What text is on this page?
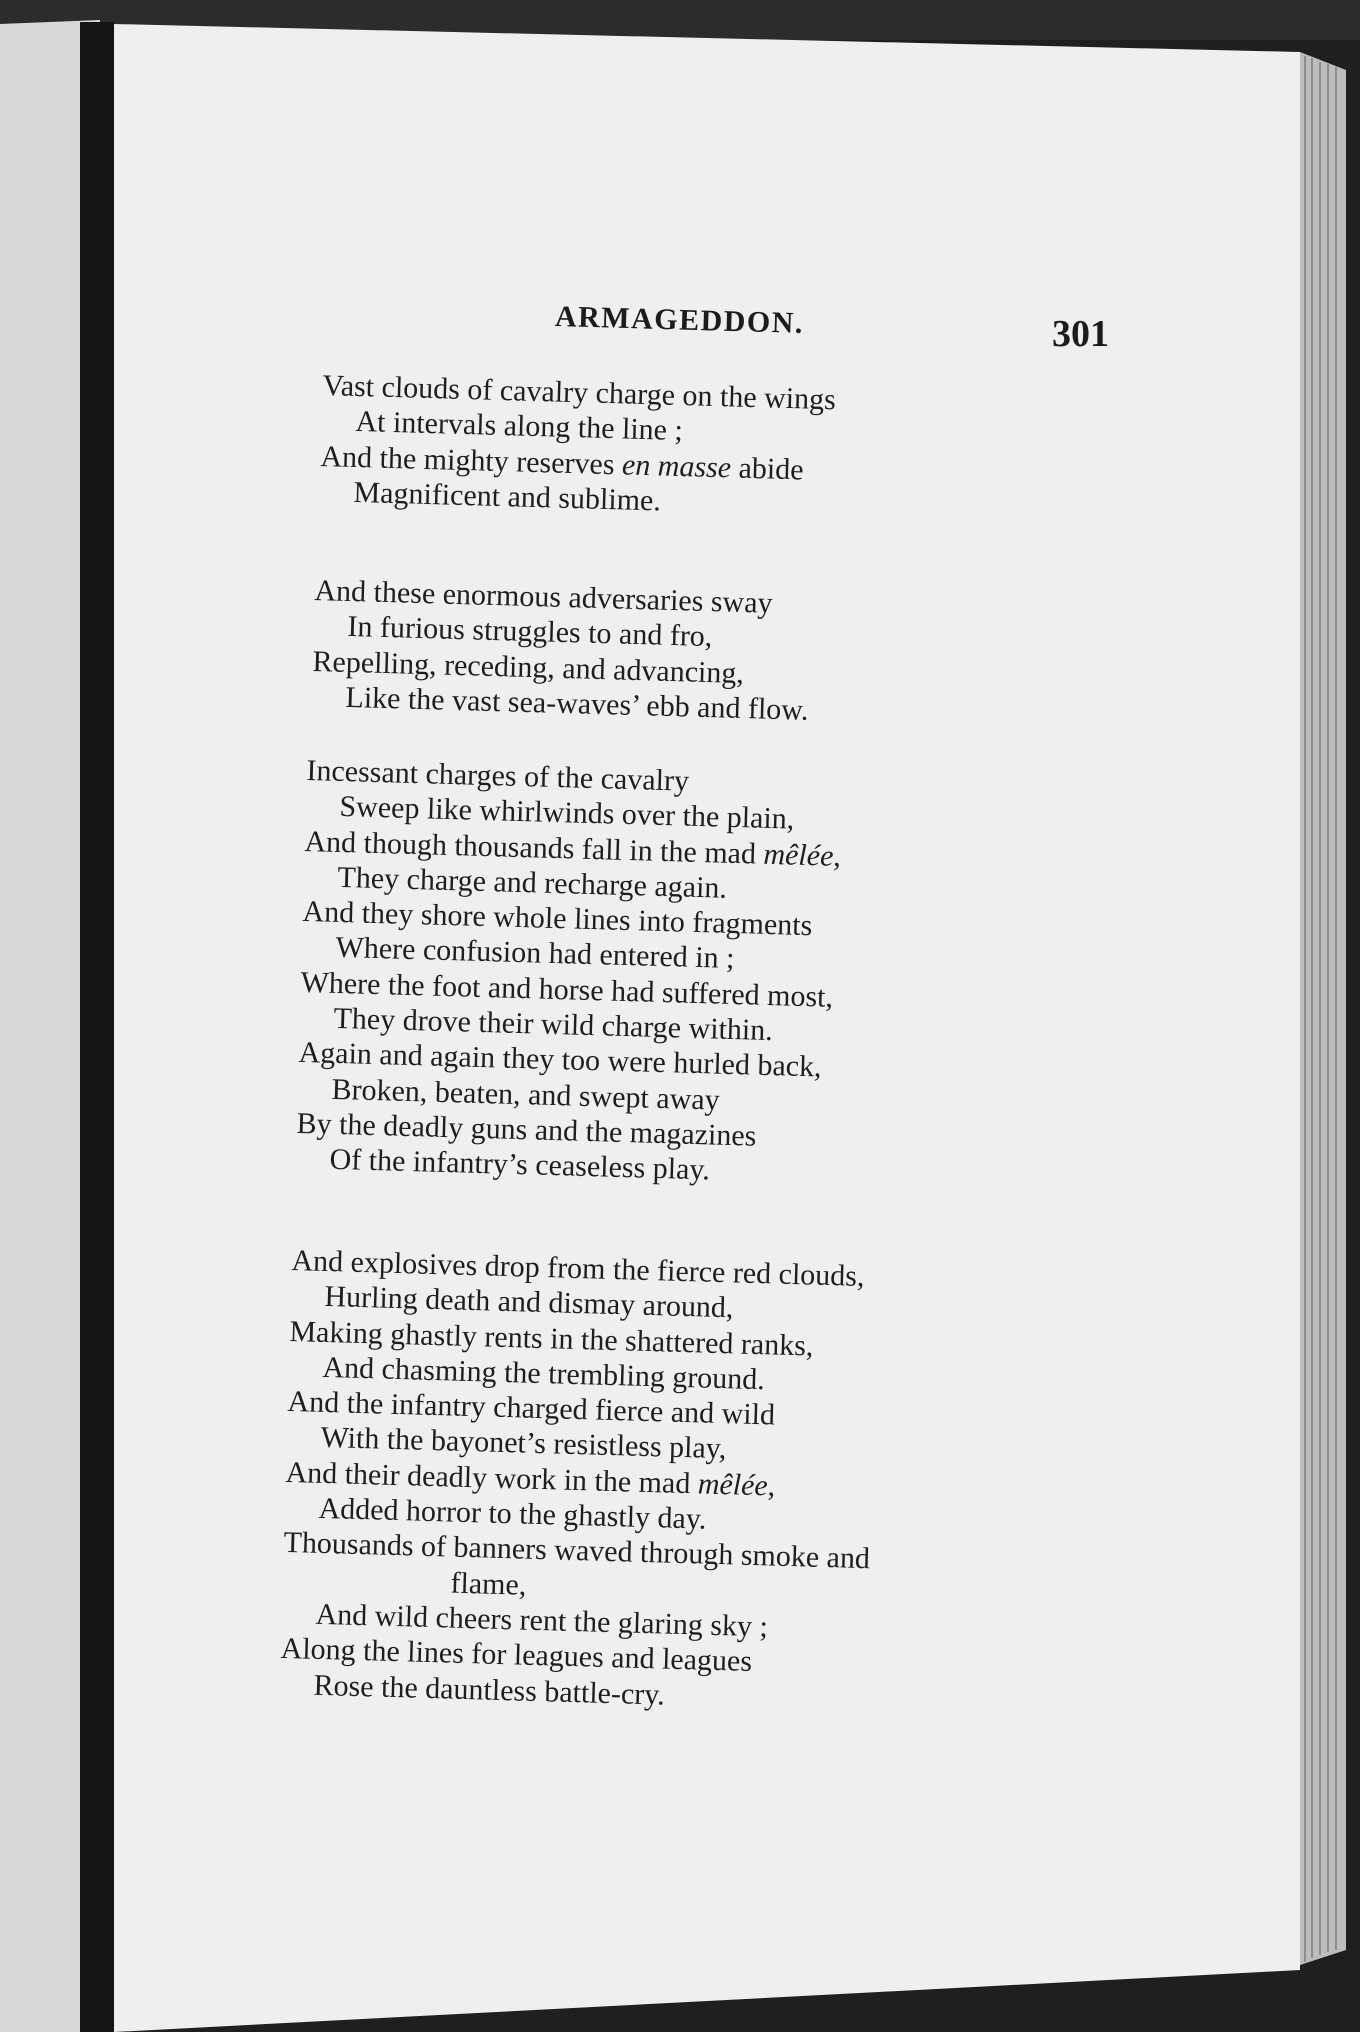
ARMAGEDDON.	301
Vast clouds of cavalry charge on the wings
At intervals along the line ;
And the mighty reserves en masse abide
Magnificent and sublime.
And these enormous adversaries sway
In furious struggles to and fro,
Repelling, receding, and advancing,
Like the vast sea-waves’ ebb and flow.
Incessant charges of the cavalry
Sweep like whirlwinds over the plain,
And though thousands fall in the mad mêlée,
They charge and recharge again.
And they shore whole lines into fragments
Where confusion had entered in ;
Where the foot and horse had suffered most,
They drove their wild charge within.
Again and again they too were hurled back,
Broken, beaten, and swept away
By the deadly guns and the magazines
Of the infantry’s ceaseless play.
And explosives drop from the fierce red clouds,
Hurling death and dismay around,
Making ghastly rents in the shattered ranks,
And chasming the trembling ground.
And the infantry charged fierce and wild
With the bayonet’s resistless play,
And their deadly work in the mad mêlée,
Added horror to the ghastly day.
Thousands of banners waved through smoke and
flame,
And wild cheers rent the glaring sky ;
Along the lines for leagues and leagues
Rose the dauntless battle-cry.
